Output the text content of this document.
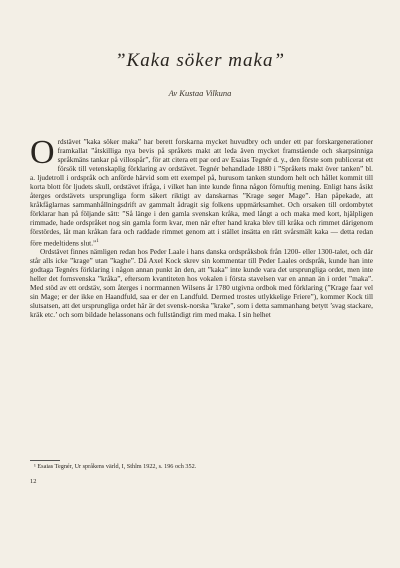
”Kaka söker maka”
Av Kustaa Vilkuna

Ordstävet ”kaka söker maka” har berett forskarna mycket huvudbry och under ett par forskargenerationer framkallat ”åtskilliga nya bevis på språkets makt att leda även mycket framstående och skarpsinniga språkmäns tankar på villospår”, för att citera ett par ord av Esaias Tegnér d. y., den förste som publicerat ett försök till vetenskaplig förklaring av ordstävet. Tegnér behandlade 1880 i ”Språkets makt över tanken” bl. a. ljudetroll i ordspråk och anförde härvid som ett exempel på, hurusom tanken stundom helt och hållet kommit till korta blott för ljudets skull, ordstävet ifråga, i vilket han inte kunde finna någon förnuftig mening. Enligt hans åsikt återges ordstävets ursprungliga form säkert riktigt av danskarnas ”Krage søger Mage”. Han påpekade, att kråkfåglarnas sammanhållningsdrift av gammalt ådragit sig folkens uppmärksamhet. Och orsaken till ordombytet förklarar han på följande sätt: ”Så länge i den gamla svenskan kråka, med långt a och maka med kort, hjälpligen rimmade, hade ordspråket nog sin gamla form kvar, men när efter hand kraka blev till kråka och rimmet därigenom förstördes, låt man kråkan fara och raddade rimmet genom att i stället insätta en rätt svårsmält kaka — detta redan före medeltidens slut.”$^1$

Ordstävet finnes nämligen redan hos Peder Laale i hans danska ordspråksbok från 1200- eller 1300-talet, och där står alls icke ”krage” utan ”kaghe”. Då Axel Kock skrev sin kommentar till Peder Laales ordspråk, kunde han inte godtaga Tegnérs förklaring i någon annan punkt än den, att ”kaka” inte kunde vara det ursprungliga ordet, men inte heller det fornsvenska ”kråka”, eftersom kvantiteten hos vokalen i första stavelsen var en annan än i ordet ”maka”. Med stöd av ett ordstäv, som återges i norrmannen Wilsens år 1780 utgivna ordbok med förklaring (”Krage faar vel sin Mage; er der ikke en Haandfuld, saa er der en Landfuld. Dermed trostes utlykkelige Friere”), kommer Kock till slutsatsen, att det ursprungliga ordet här är det svensk-norska ”krake”, som i detta sammanhang betytt ’svag stackare, kräk etc.’ och som bildade helassonans och fullständigt rim med maka. I sin helhet

¹ Esaias Tegnér, Ur språkens värld, I, Sthlm 1922, s. 196 och 352.
12
